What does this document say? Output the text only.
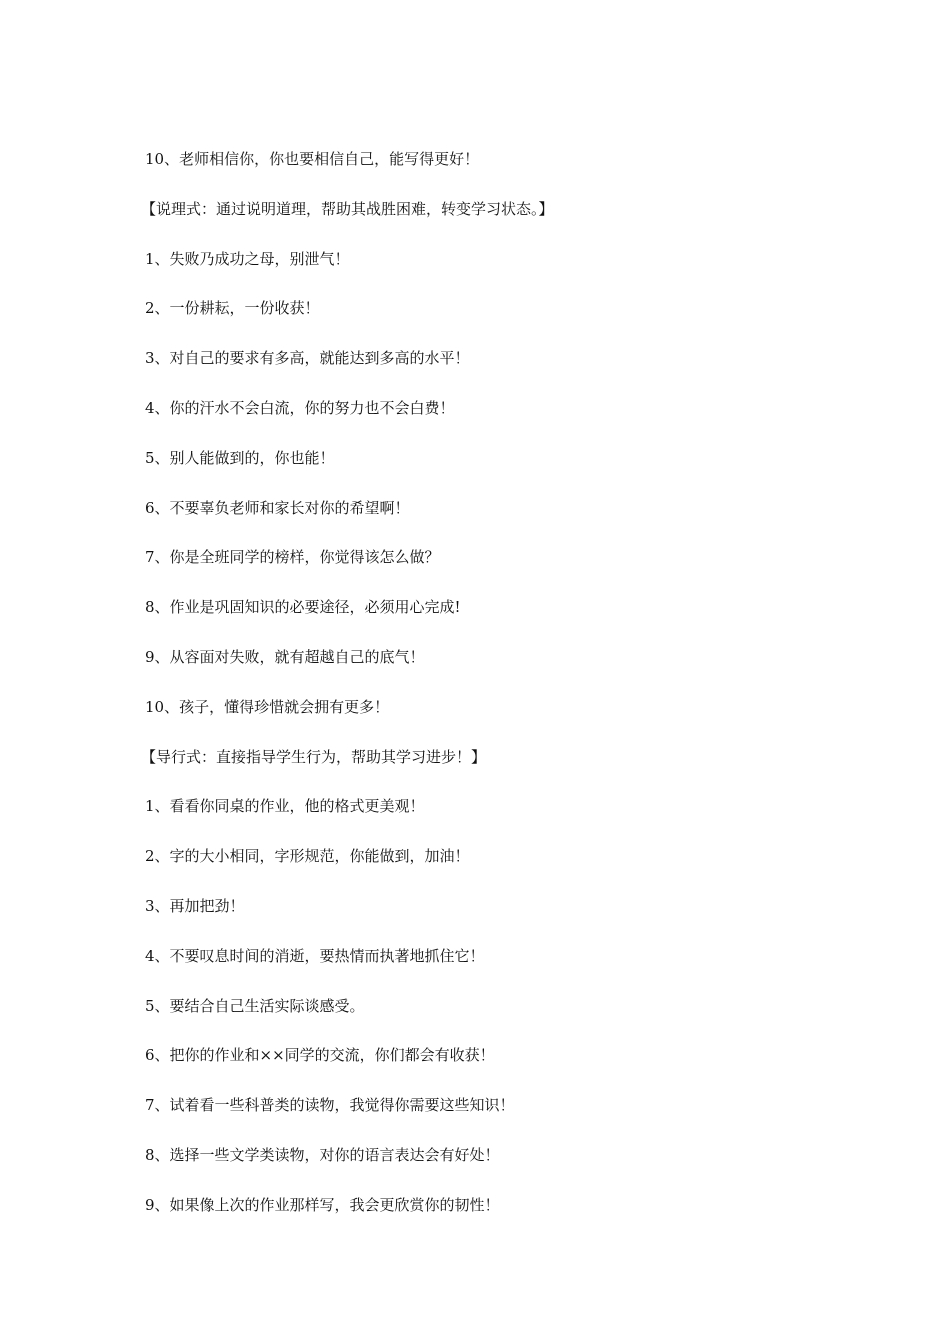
10、老师相信你，你也要相信自己，能写得更好！
【说理式：通过说明道理，帮助其战胜困难，转变学习状态。】
1、失败乃成功之母，别泄气！
2、一份耕耘，一份收获！
3、对自己的要求有多高，就能达到多高的水平！
4、你的汗水不会白流，你的努力也不会白费！
5、别人能做到的，你也能！
6、不要辜负老师和家长对你的希望啊！
7、你是全班同学的榜样，你觉得该怎么做？
8、作业是巩固知识的必要途径，必须用心完成!
9、从容面对失败，就有超越自己的底气！
10、孩子，懂得珍惜就会拥有更多！
【导行式：直接指导学生行为，帮助其学习进步！】
1、看看你同桌的作业，他的格式更美观！
2、字的大小相同，字形规范，你能做到，加油！
3、再加把劲！
4、不要叹息时间的消逝，要热情而执著地抓住它！
5、要结合自己生活实际谈感受。
6、把你的作业和××同学的交流，你们都会有收获！
7、试着看一些科普类的读物，我觉得你需要这些知识！
8、选择一些文学类读物，对你的语言表达会有好处！
9、如果像上次的作业那样写，我会更欣赏你的韧性！
